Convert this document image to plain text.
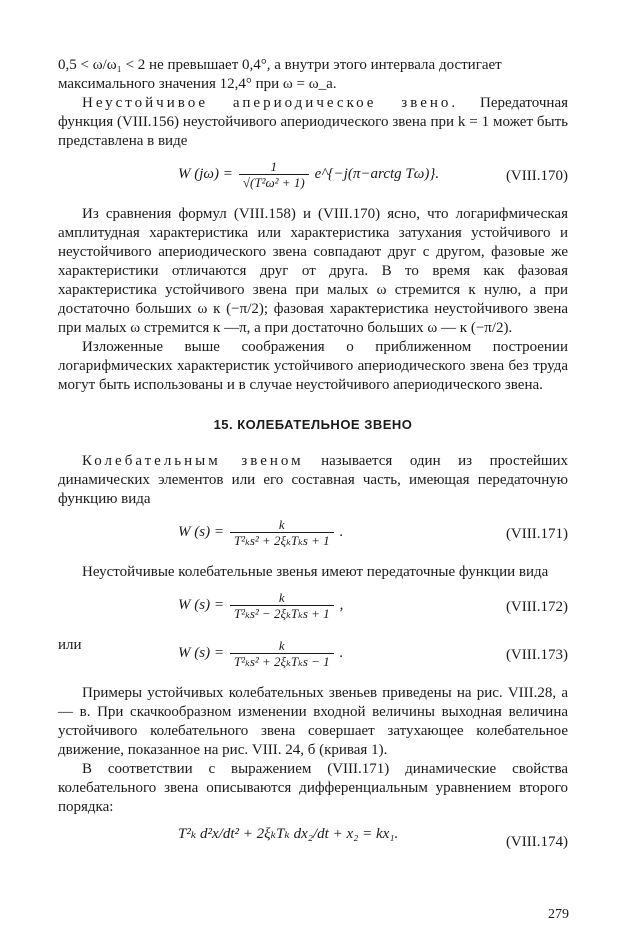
0,5 < ω/ω₁ < 2 не превышает 0,4°, а внутри этого интервала достигает

максимального значения 12,4° при ω = ω_a.

Неустойчивое апериодическое звено. Передаточная функция (VIII.156) неустойчивого апериодического звена при k = 1 может быть представлена в виде

W $(j\omega) = \frac{1}{\text{√(T²ω² + 1)}}$ e^{−j(π−arctg Tω)}.	(VIII.170)

Из сравнения формул (VIII.158) и (VIII.170) ясно, что логарифмическая амплитудная характеристика или характеристика затухания устойчивого и неустойчивого апериодического звена совпадают друг с другом, фазовые же характеристики отличаются друг от друга. В то время как фазовая характеристика устойчивого звена при малых ω стремится к нулю, а при достаточно больших ω к (−π/2); фазовая характеристика неустойчивого звена при малых ω стремится к —π, а при достаточно больших ω — к (−π/2).

Изложенные выше соображения о приближенном построении логарифмических характеристик устойчивого апериодического звена без труда могут быть использованы и в случае неустойчивого апериодического звена.

15. КОЛЕБАТЕЛЬНОЕ ЗВЕНО

Колебательным звеном называется один из простейших динамических элементов или его составная часть, имеющая передаточную функцию вида

W $(s) = \frac{k}{\text{T²ₖs² + 2ξₖTₖs + 1}}$ .	(VIII.171)

Неустойчивые колебательные звенья имеют передаточные функции вида

W $(s) = \frac{k}{\text{T²ₖs² − 2ξₖTₖs + 1}}$ ,	(VIII.172)
или	W $(s) = \frac{k}{\text{T²ₖs² + 2ξₖTₖs − 1}}$ .	(VIII.173)

Примеры устойчивых колебательных звеньев приведены на рис. VIII.28, а — в. При скачкообразном изменении входной величины выходная величина устойчивого колебательного звена совершает затухающее колебательное движение, показанное на рис. VIII. 24, б (кривая 1).

В соответствии с выражением (VIII.171) динамические свойства колебательного звена описываются дифференциальным уравнением второго порядка:

T²ₖ d²x/dt² + 2ξₖTₖ dx₂/dt + x₂ = kx₁.	(VIII.174)
279
